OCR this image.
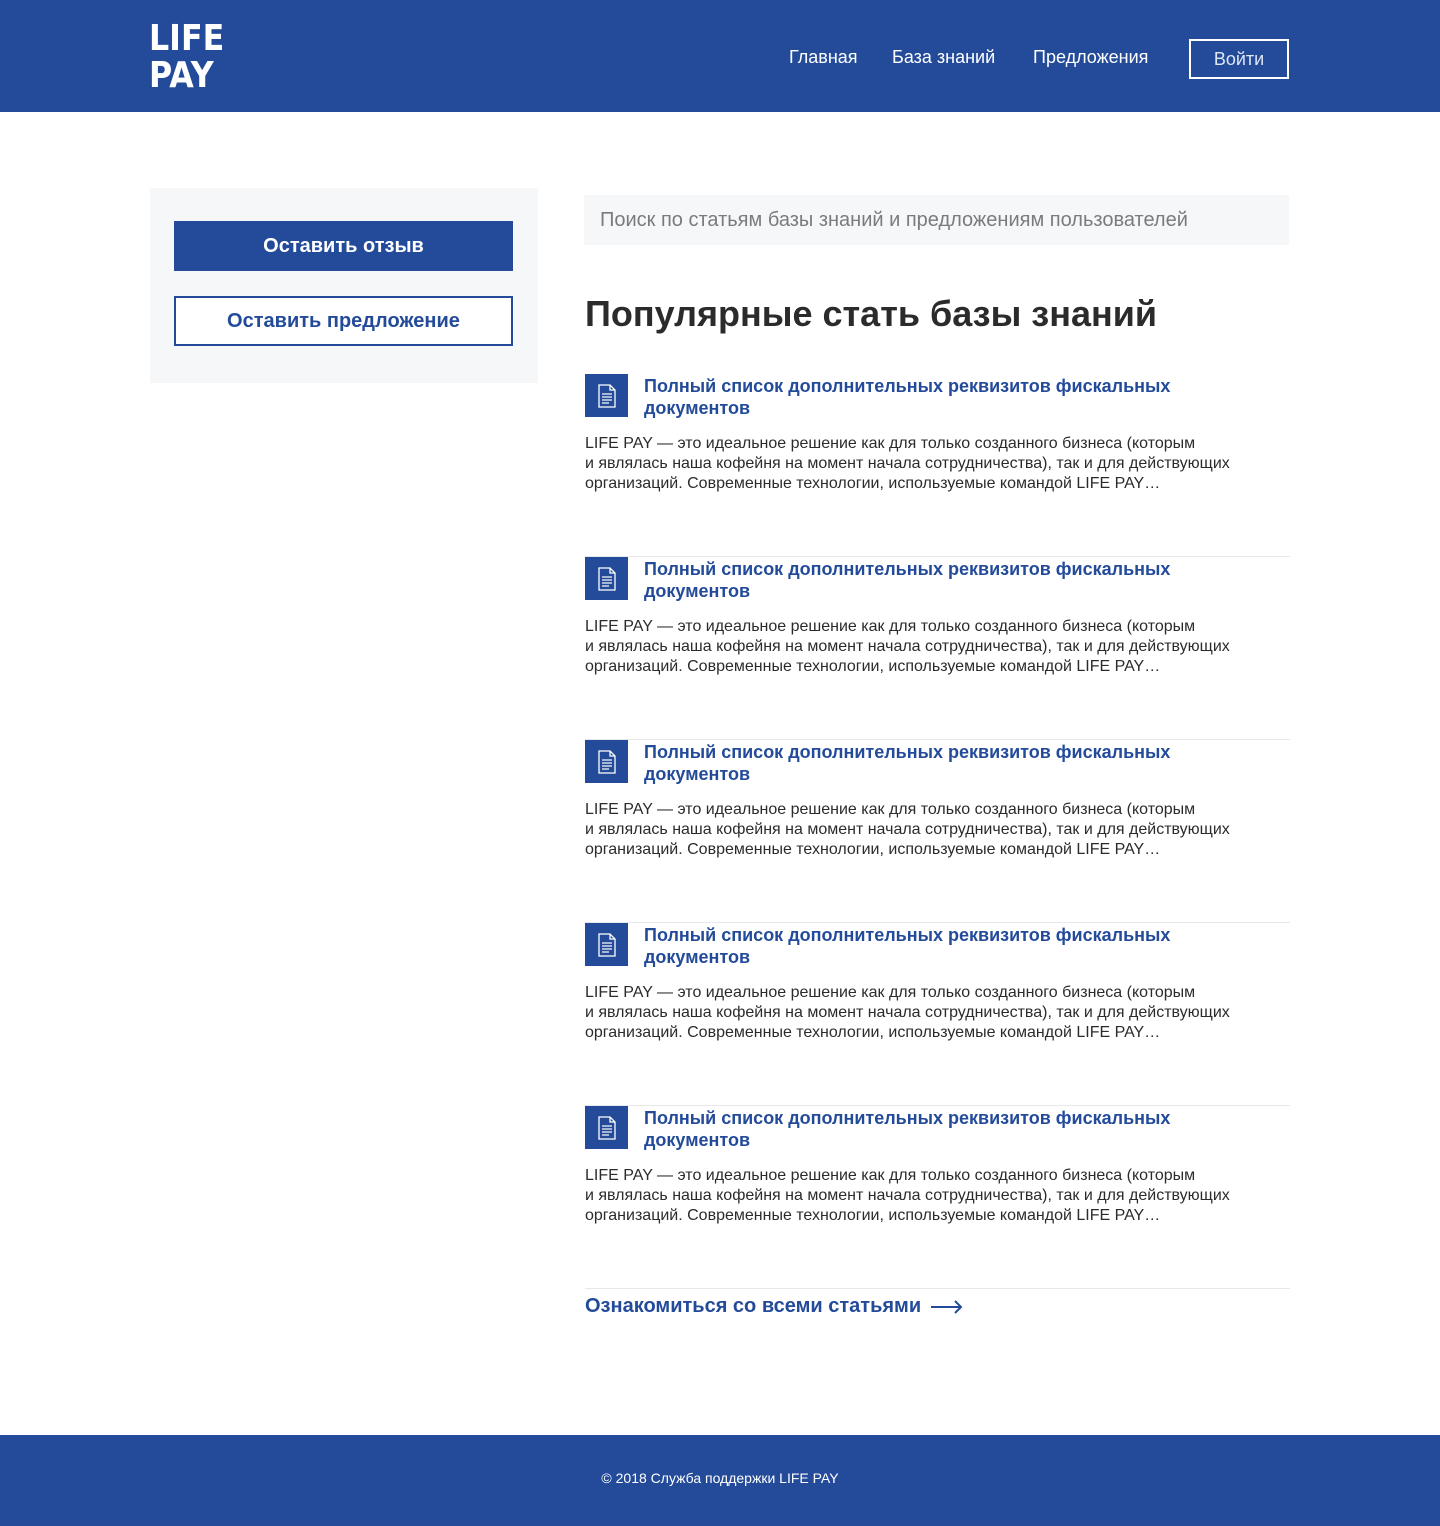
LIFE
PAY	Главная База знаний Предложения	Войти
Оставить отзыв
Оставить предложение
Поиск по статьям базы знаний и предложениям пользователей	Популярные стать базы знаний
Полный список дополнительных реквизитов фискальных документов
LIFE PAY — это идеальное решение как для только созданного бизнеса (которым
и являлась наша кофейня на момент начала сотрудничества), так и для действующих
организаций. Современные технологии, используемые командой LIFE PAY…
Полный список дополнительных реквизитов фискальных документов
LIFE PAY — это идеальное решение как для только созданного бизнеса (которым
и являлась наша кофейня на момент начала сотрудничества), так и для действующих
организаций. Современные технологии, используемые командой LIFE PAY…
Полный список дополнительных реквизитов фискальных документов
LIFE PAY — это идеальное решение как для только созданного бизнеса (которым
и являлась наша кофейня на момент начала сотрудничества), так и для действующих
организаций. Современные технологии, используемые командой LIFE PAY…
Полный список дополнительных реквизитов фискальных документов
LIFE PAY — это идеальное решение как для только созданного бизнеса (которым
и являлась наша кофейня на момент начала сотрудничества), так и для действующих
организаций. Современные технологии, используемые командой LIFE PAY…
Полный список дополнительных реквизитов фискальных документов
LIFE PAY — это идеальное решение как для только созданного бизнеса (которым
и являлась наша кофейня на момент начала сотрудничества), так и для действующих
организаций. Современные технологии, используемые командой LIFE PAY…
Ознакомиться со всеми статьями
© 2018 Служба поддержки LIFE PAY
